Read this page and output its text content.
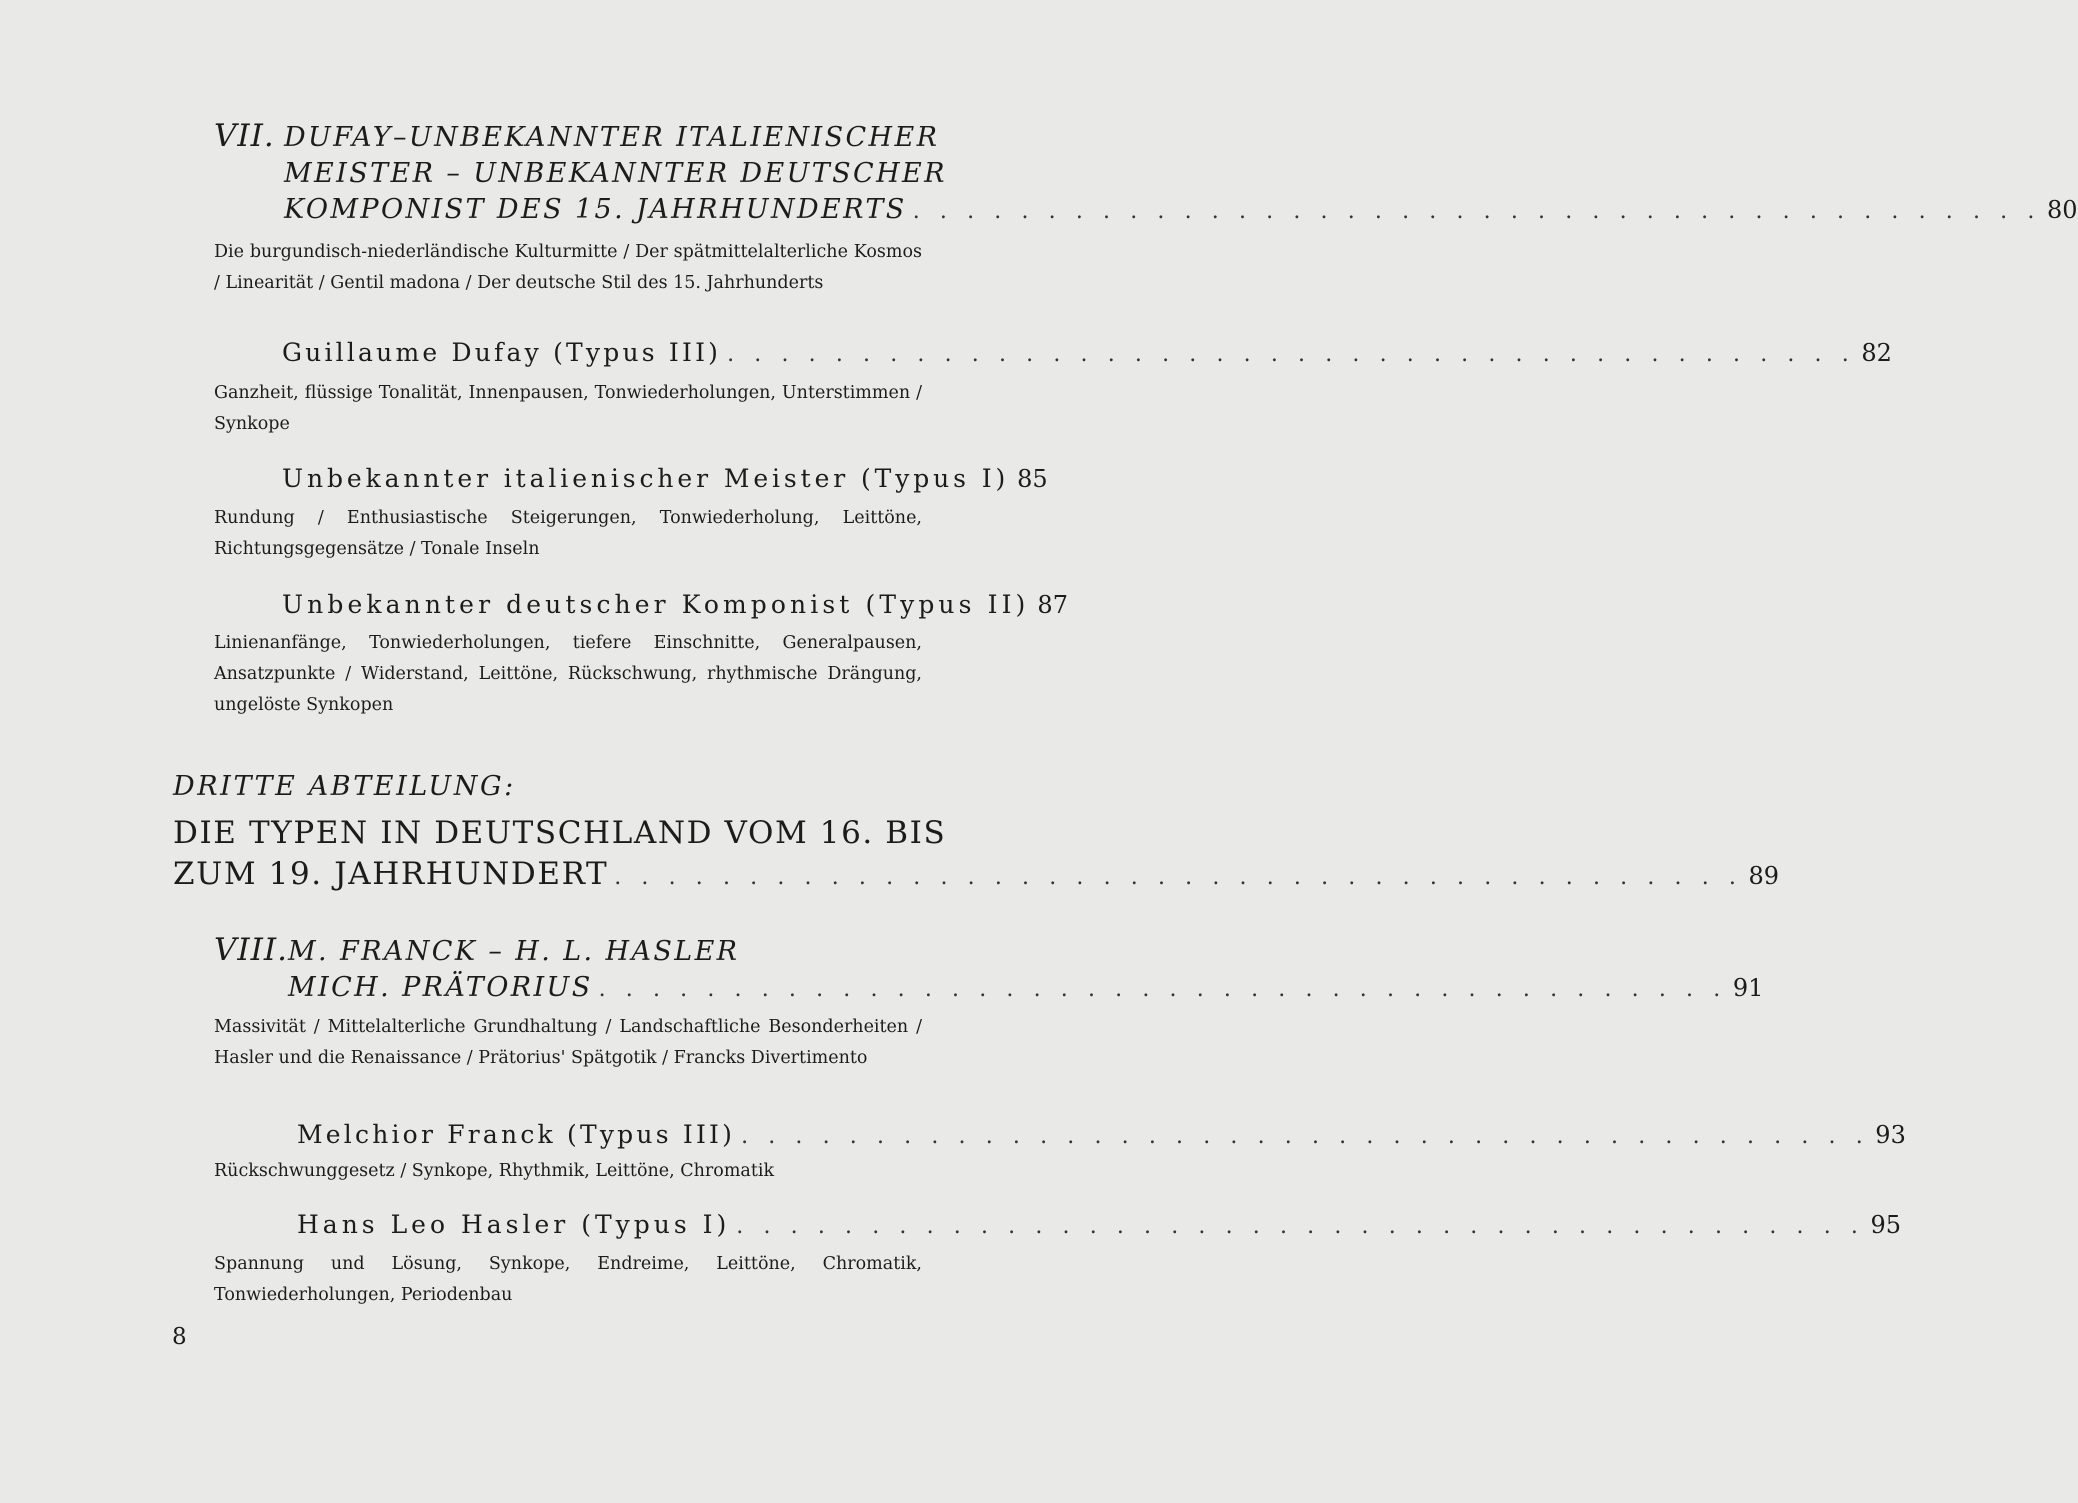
VII. DUFAY–UNBEKANNTER ITALIENISCHER
MEISTER – UNBEKANNTER DEUTSCHER
KOMPONIST DES 15. JAHRHUNDERTS . . . . . . . . . . . . . . . . . . . . . . . . . . . . . . . . . . . . . . . . . . 80
Die burgundisch-niederländische Kulturmitte / Der spätmittelalterliche Kosmos / Linearität / Gentil madona / Der deutsche Stil des 15. Jahrhunderts
Guillaume Dufay (Typus III) . . . . . . . . . . . . . . . . . . . . . . . . . . . . . . . . . . . . . . . . . . 82
Ganzheit, flüssige Tonalität, Innenpausen, Tonwiederholungen, Unterstimmen / Synkope
Unbekannter italienischer Meister (Typus I) 85
Rundung / Enthusiastische Steigerungen, Tonwiederholung, Leittöne, Richtungsgegensätze / Tonale Inseln
Unbekannter deutscher Komponist (Typus II) 87
Linienanfänge, Tonwiederholungen, tiefere Einschnitte, Generalpausen, Ansatzpunkte / Widerstand, Leittöne, Rückschwung, rhythmische Drängung, ungelöste Synkopen
DRITTE ABTEILUNG:
DIE TYPEN IN DEUTSCHLAND VOM 16. BIS
ZUM 19. JAHRHUNDERT . . . . . . . . . . . . . . . . . . . . . . . . . . . . . . . . . . . . . . . . . . 89
VIII. M. FRANCK – H. L. HASLER
MICH. PRÄTORIUS . . . . . . . . . . . . . . . . . . . . . . . . . . . . . . . . . . . . . . . . . . 91
Massivität / Mittelalterliche Grundhaltung / Landschaftliche Besonderheiten / Hasler und die Renaissance / Prätorius' Spätgotik / Francks Divertimento
Melchior Franck (Typus III) . . . . . . . . . . . . . . . . . . . . . . . . . . . . . . . . . . . . . . . . . . 93
Rückschwunggesetz / Synkope, Rhythmik, Leittöne, Chromatik
Hans Leo Hasler (Typus I) . . . . . . . . . . . . . . . . . . . . . . . . . . . . . . . . . . . . . . . . . . 95
Spannung und Lösung, Synkope, Endreime, Leittöne, Chromatik, Tonwiederholungen, Periodenbau
8
